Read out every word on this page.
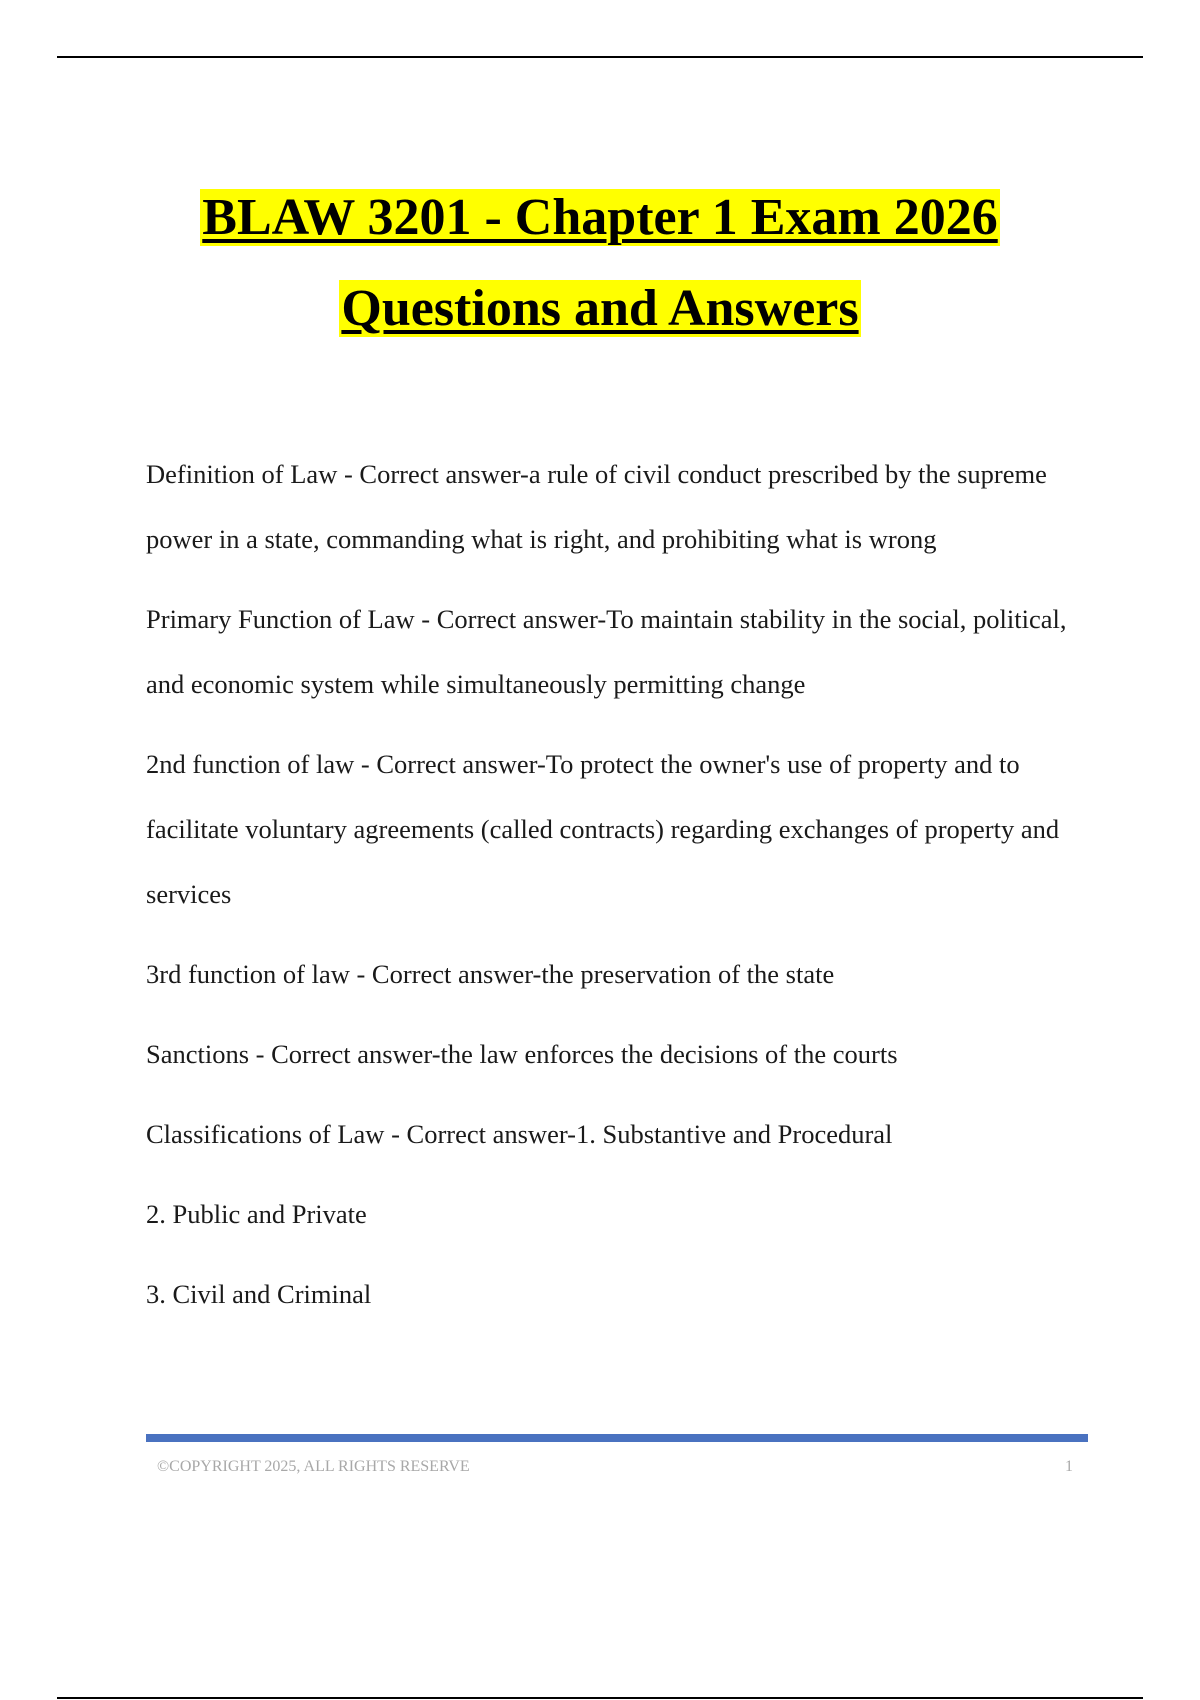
BLAW 3201 - Chapter 1 Exam 2026
Questions and Answers

Definition of Law - Correct answer-a rule of civil conduct prescribed by the supreme power in a state, commanding what is right, and prohibiting what is wrong

Primary Function of Law - Correct answer-To maintain stability in the social, political, and economic system while simultaneously permitting change

2nd function of law - Correct answer-To protect the owner's use of property and to facilitate voluntary agreements (called contracts) regarding exchanges of property and services

3rd function of law - Correct answer-the preservation of the state

Sanctions - Correct answer-the law enforces the decisions of the courts

Classifications of Law - Correct answer-1. Substantive and Procedural

2. Public and Private

3. Civil and Criminal

©COPYRIGHT 2025, ALL RIGHTS RESERVE	1
